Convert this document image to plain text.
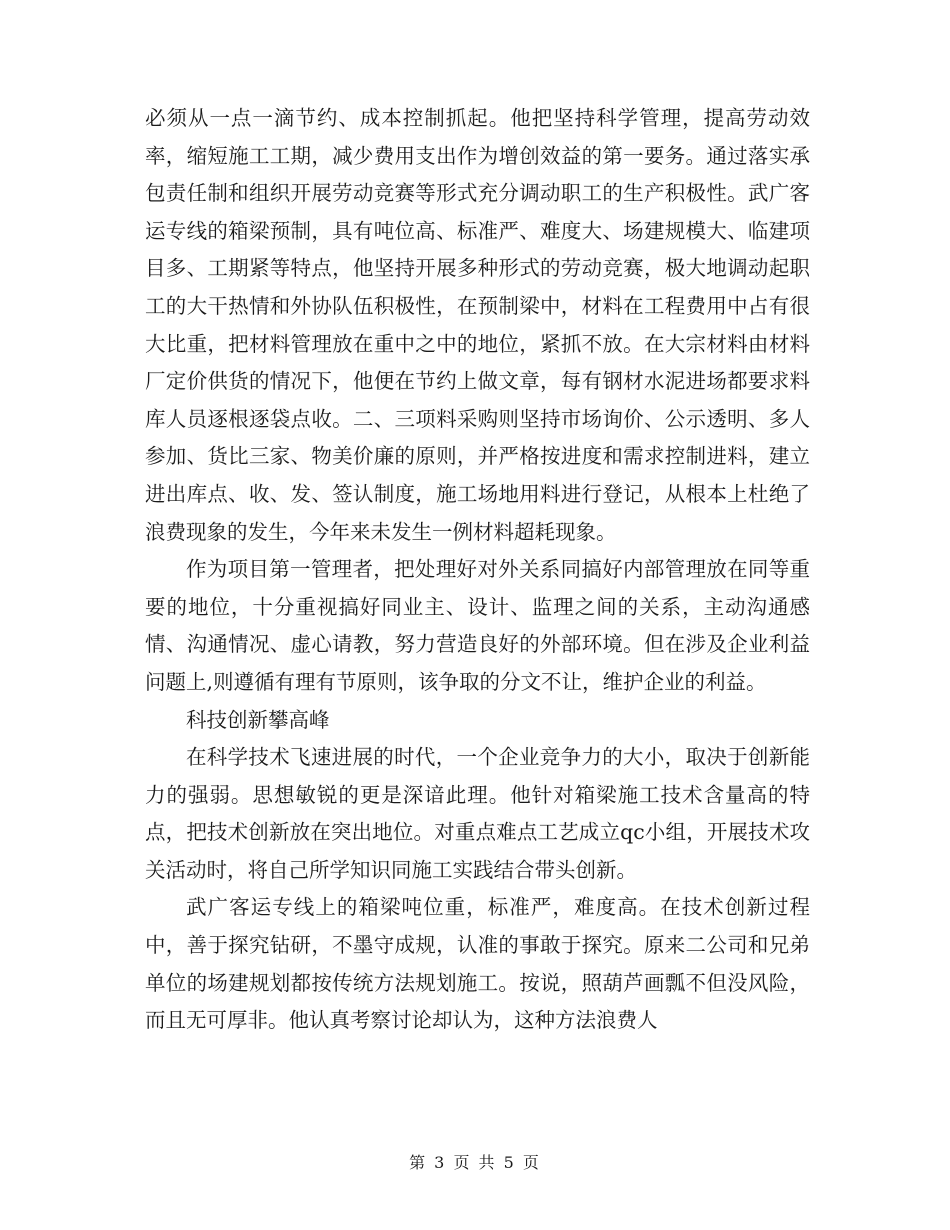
必须从一点一滴节约、成本控制抓起。他把坚持科学管理，提高劳动效率，缩短施工工期，减少费用支出作为增创效益的第一要务。通过落实承包责任制和组织开展劳动竞赛等形式充分调动职工的生产积极性。武广客运专线的箱梁预制，具有吨位高、标准严、难度大、场建规模大、临建项目多、工期紧等特点，他坚持开展多种形式的劳动竞赛，极大地调动起职工的大干热情和外协队伍积极性，在预制梁中，材料在工程费用中占有很大比重，把材料管理放在重中之中的地位，紧抓不放。在大宗材料由材料厂定价供货的情况下，他便在节约上做文章，每有钢材水泥进场都要求料库人员逐根逐袋点收。二、三项料采购则坚持市场询价、公示透明、多人参加、货比三家、物美价廉的原则，并严格按进度和需求控制进料，建立进出库点、收、发、签认制度，施工场地用料进行登记，从根本上杜绝了浪费现象的发生，今年来未发生一例材料超耗现象。

作为项目第一管理者，把处理好对外关系同搞好内部管理放在同等重要的地位，十分重视搞好同业主、设计、监理之间的关系，主动沟通感情、沟通情况、虚心请教，努力营造良好的外部环境。但在涉及企业利益问题上,则遵循有理有节原则，该争取的分文不让，维护企业的利益。

科技创新攀高峰

在科学技术飞速进展的时代，一个企业竞争力的大小，取决于创新能力的强弱。思想敏锐的更是深谙此理。他针对箱梁施工技术含量高的特点，把技术创新放在突出地位。对重点难点工艺成立qc小组，开展技术攻关活动时，将自己所学知识同施工实践结合带头创新。

武广客运专线上的箱梁吨位重，标准严，难度高。在技术创新过程中，善于探究钻研，不墨守成规，认准的事敢于探究。原来二公司和兄弟单位的场建规划都按传统方法规划施工。按说，照葫芦画瓢不但没风险，而且无可厚非。他认真考察讨论却认为，这种方法浪费人

第 3 页 共 5 页
